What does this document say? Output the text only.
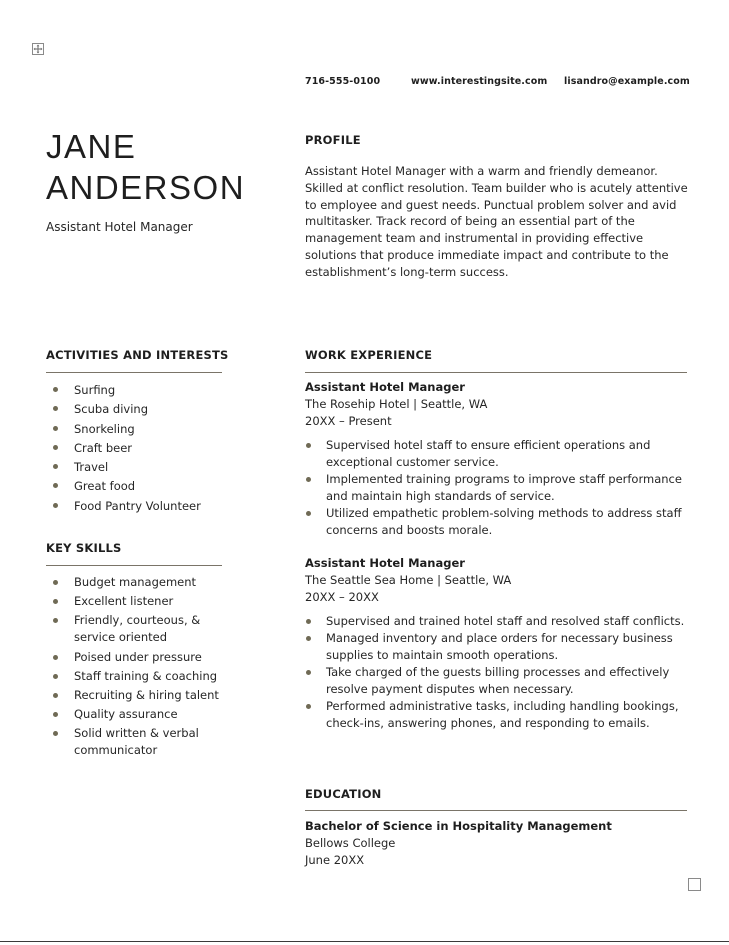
716-555-0100	www.interestingsite.com lisandro@example.com
JANE
ANDERSON
Assistant Hotel Manager
PROFILE

Assistant Hotel Manager with a warm and friendly demeanor. Skilled at conflict resolution. Team builder who is acutely attentive to employee and guest needs. Punctual problem solver and avid multitasker. Track record of being an essential part of the management team and instrumental in providing effective solutions that produce immediate impact and contribute to the establishment’s long-term success.

ACTIVITIES AND INTERESTS
Surfing
Scuba diving
Snorkeling
Craft beer
Travel
Great food
Food Pantry Volunteer
KEY SKILLS
Budget management
Excellent listener
Friendly, courteous, & service oriented
Poised under pressure
Staff training & coaching
Recruiting & hiring talent
Quality assurance
Solid written & verbal communicator
WORK EXPERIENCE
Assistant Hotel Manager
The Rosehip Hotel | Seattle, WA
20XX – Present
Supervised hotel staff to ensure efficient operations and exceptional customer service.
Implemented training programs to improve staff performance and maintain high standards of service.
Utilized empathetic problem-solving methods to address staff concerns and boosts morale.
Assistant Hotel Manager
The Seattle Sea Home | Seattle, WA
20XX – 20XX
Supervised and trained hotel staff and resolved staff conflicts.
Managed inventory and place orders for necessary business supplies to maintain smooth operations.
Take charged of the guests billing processes and effectively resolve payment disputes when necessary.
Performed administrative tasks, including handling bookings, check-ins, answering phones, and responding to emails.
EDUCATION
Bachelor of Science in Hospitality Management
Bellows College
June 20XX
